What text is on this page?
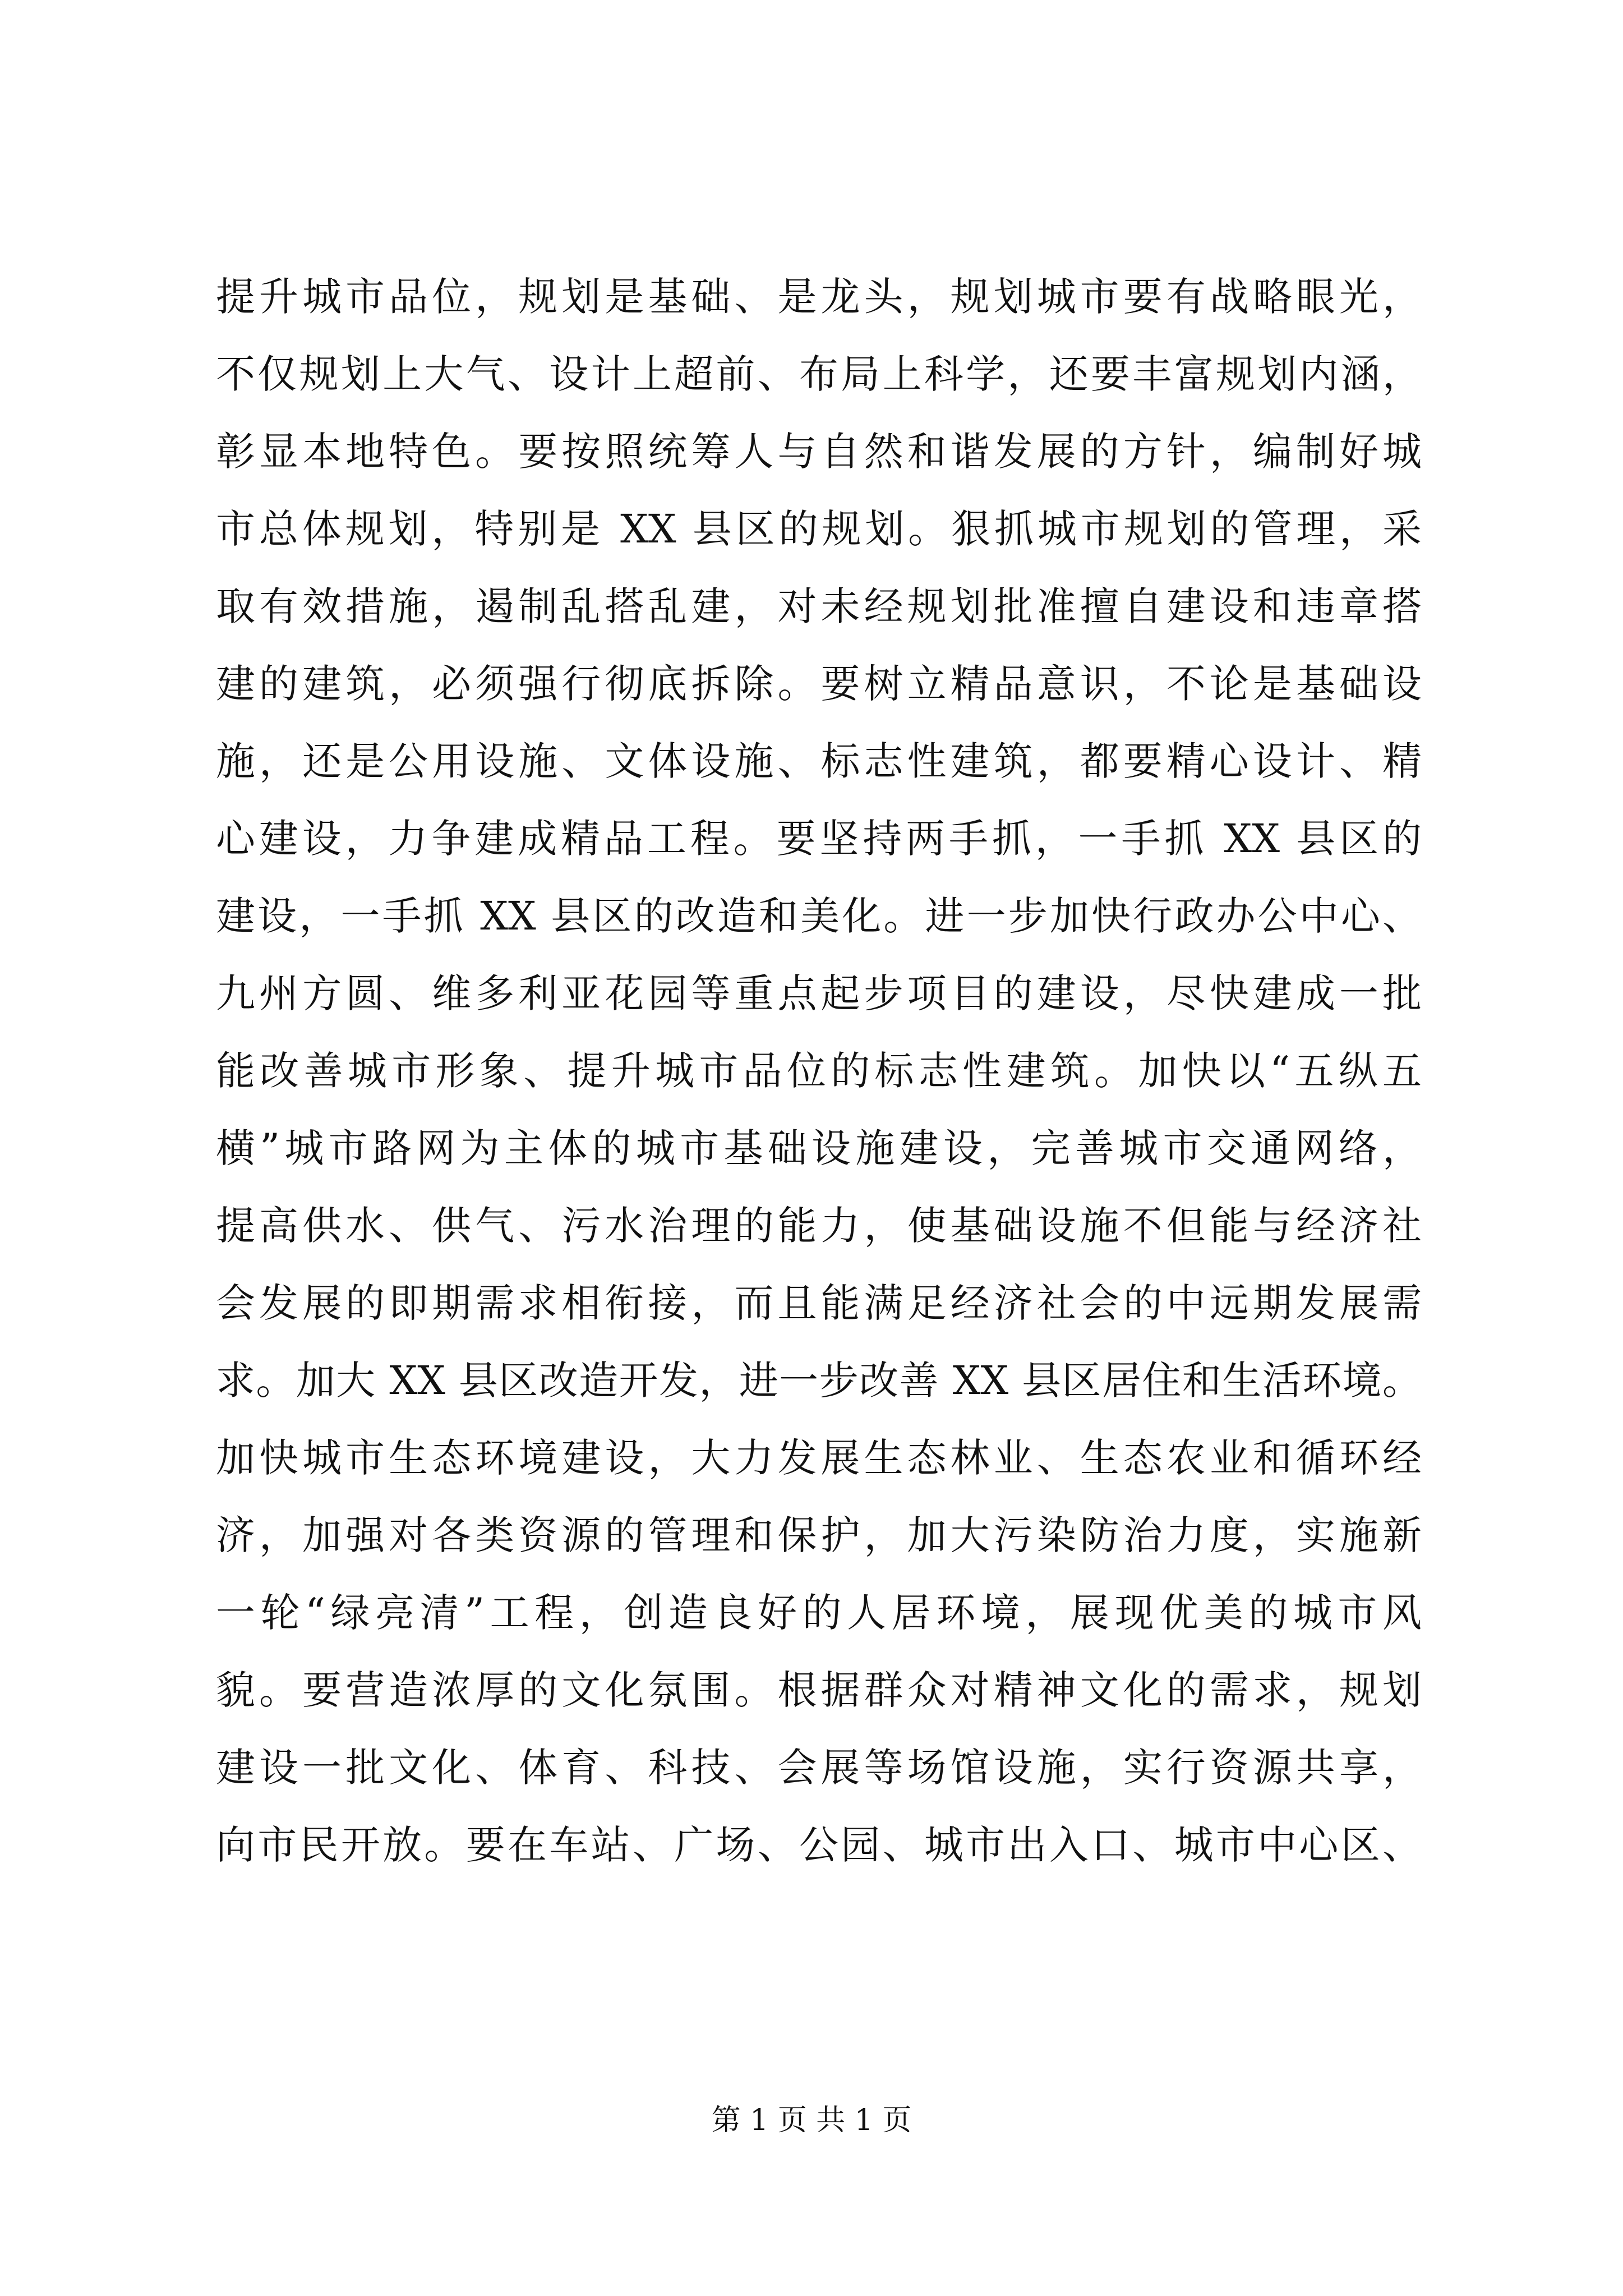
提升城市品位，规划是基础、是龙头，规划城市要有战略眼光，
不仅规划上大气、设计上超前、布局上科学，还要丰富规划内涵，
彰显本地特色。要按照统筹人与自然和谐发展的方针，编制好城
市总体规划，特别是 XX 县区的规划。狠抓城市规划的管理，采
取有效措施，遏制乱搭乱建，对未经规划批准擅自建设和违章搭
建的建筑，必须强行彻底拆除。要树立精品意识，不论是基础设
施，还是公用设施、文体设施、标志性建筑，都要精心设计、精
心建设，力争建成精品工程。要坚持两手抓，一手抓 XX 县区的
建设，一手抓 XX 县区的改造和美化。进一步加快行政办公中心、
九州方圆、维多利亚花园等重点起步项目的建设，尽快建成一批
能改善城市形象、提升城市品位的标志性建筑。加快以“五纵五
横”城市路网为主体的城市基础设施建设，完善城市交通网络，
提高供水、供气、污水治理的能力，使基础设施不但能与经济社
会发展的即期需求相衔接，而且能满足经济社会的中远期发展需
求。加大 XX 县区改造开发，进一步改善 XX 县区居住和生活环境。
加快城市生态环境建设，大力发展生态林业、生态农业和循环经
济，加强对各类资源的管理和保护，加大污染防治力度，实施新
一轮“绿亮清”工程，创造良好的人居环境，展现优美的城市风
貌。要营造浓厚的文化氛围。根据群众对精神文化的需求，规划
建设一批文化、体育、科技、会展等场馆设施，实行资源共享，
向市民开放。要在车站、广场、公园、城市出入口、城市中心区、
第 1 页 共 1 页
